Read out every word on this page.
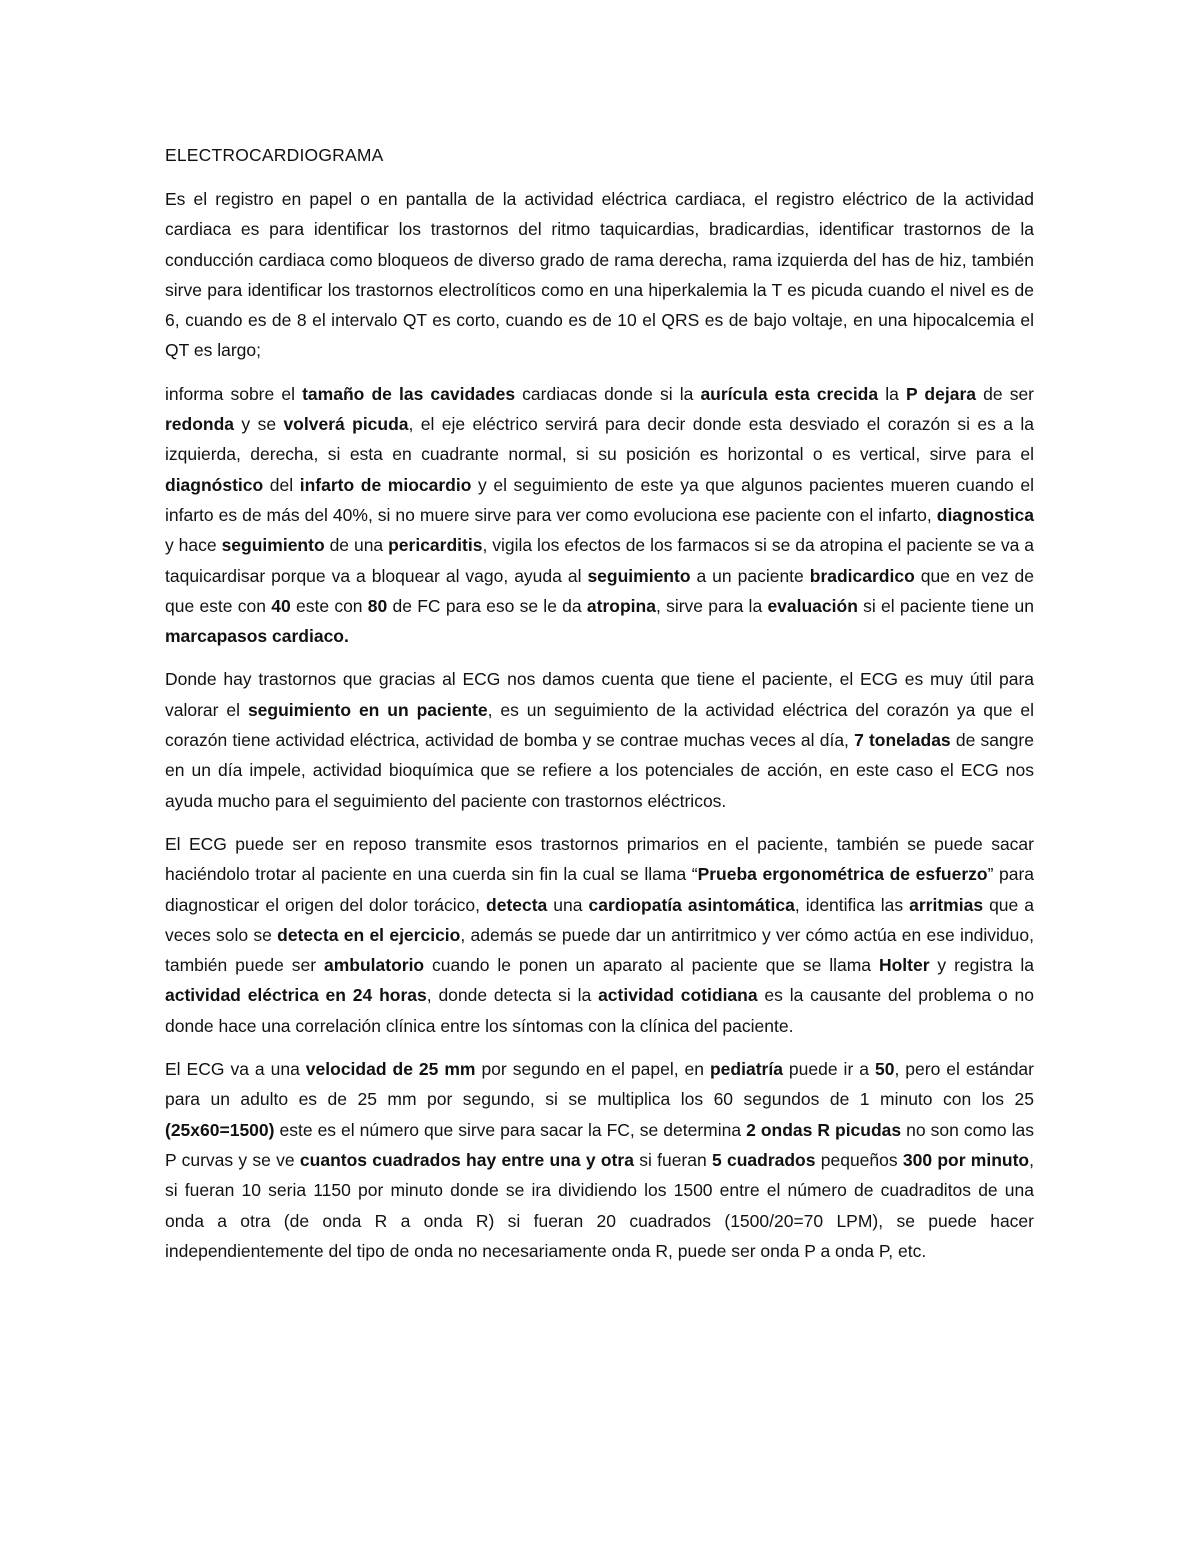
ELECTROCARDIOGRAMA

Es el registro en papel o en pantalla de la actividad eléctrica cardiaca, el registro eléctrico de la actividad cardiaca es para identificar los trastornos del ritmo taquicardias, bradicardias, identificar trastornos de la conducción cardiaca como bloqueos de diverso grado de rama derecha, rama izquierda del has de hiz, también sirve para identificar los trastornos electrolíticos como en una hiperkalemia la T es picuda cuando el nivel es de 6, cuando es de 8 el intervalo QT es corto, cuando es de 10 el QRS es de bajo voltaje, en una hipocalcemia el QT es largo;

informa sobre el tamaño de las cavidades cardiacas donde si la aurícula esta crecida la P dejara de ser redonda y se volverá picuda, el eje eléctrico servirá para decir donde esta desviado el corazón si es a la izquierda, derecha, si esta en cuadrante normal, si su posición es horizontal o es vertical, sirve para el diagnóstico del infarto de miocardio y el seguimiento de este ya que algunos pacientes mueren cuando el infarto es de más del 40%, si no muere sirve para ver como evoluciona ese paciente con el infarto, diagnostica y hace seguimiento de una pericarditis, vigila los efectos de los farmacos si se da atropina el paciente se va a taquicardisar porque va a bloquear al vago, ayuda al seguimiento a un paciente bradicardico que en vez de que este con 40 este con 80 de FC para eso se le da atropina, sirve para la evaluación si el paciente tiene un marcapasos cardiaco.

Donde hay trastornos que gracias al ECG nos damos cuenta que tiene el paciente, el ECG es muy útil para valorar el seguimiento en un paciente, es un seguimiento de la actividad eléctrica del corazón ya que el corazón tiene actividad eléctrica, actividad de bomba y se contrae muchas veces al día, 7 toneladas de sangre en un día impele, actividad bioquímica que se refiere a los potenciales de acción, en este caso el ECG nos ayuda mucho para el seguimiento del paciente con trastornos eléctricos.

El ECG puede ser en reposo transmite esos trastornos primarios en el paciente, también se puede sacar haciéndolo trotar al paciente en una cuerda sin fin la cual se llama “Prueba ergonométrica de esfuerzo” para diagnosticar el origen del dolor torácico, detecta una cardiopatía asintomática, identifica las arritmias que a veces solo se detecta en el ejercicio, además se puede dar un antirritmico y ver cómo actúa en ese individuo, también puede ser ambulatorio cuando le ponen un aparato al paciente que se llama Holter y registra la actividad eléctrica en 24 horas, donde detecta si la actividad cotidiana es la causante del problema o no donde hace una correlación clínica entre los síntomas con la clínica del paciente.

El ECG va a una velocidad de 25 mm por segundo en el papel, en pediatría puede ir a 50, pero el estándar para un adulto es de 25 mm por segundo, si se multiplica los 60 segundos de 1 minuto con los 25 (25x60=1500) este es el número que sirve para sacar la FC, se determina 2 ondas R picudas no son como las P curvas y se ve cuantos cuadrados hay entre una y otra si fueran 5 cuadrados pequeños 300 por minuto, si fueran 10 seria 1150 por minuto donde se ira dividiendo los 1500 entre el número de cuadraditos de una onda a otra (de onda R a onda R) si fueran 20 cuadrados (1500/20=70 LPM), se puede hacer independientemente del tipo de onda no necesariamente onda R, puede ser onda P a onda P, etc.
